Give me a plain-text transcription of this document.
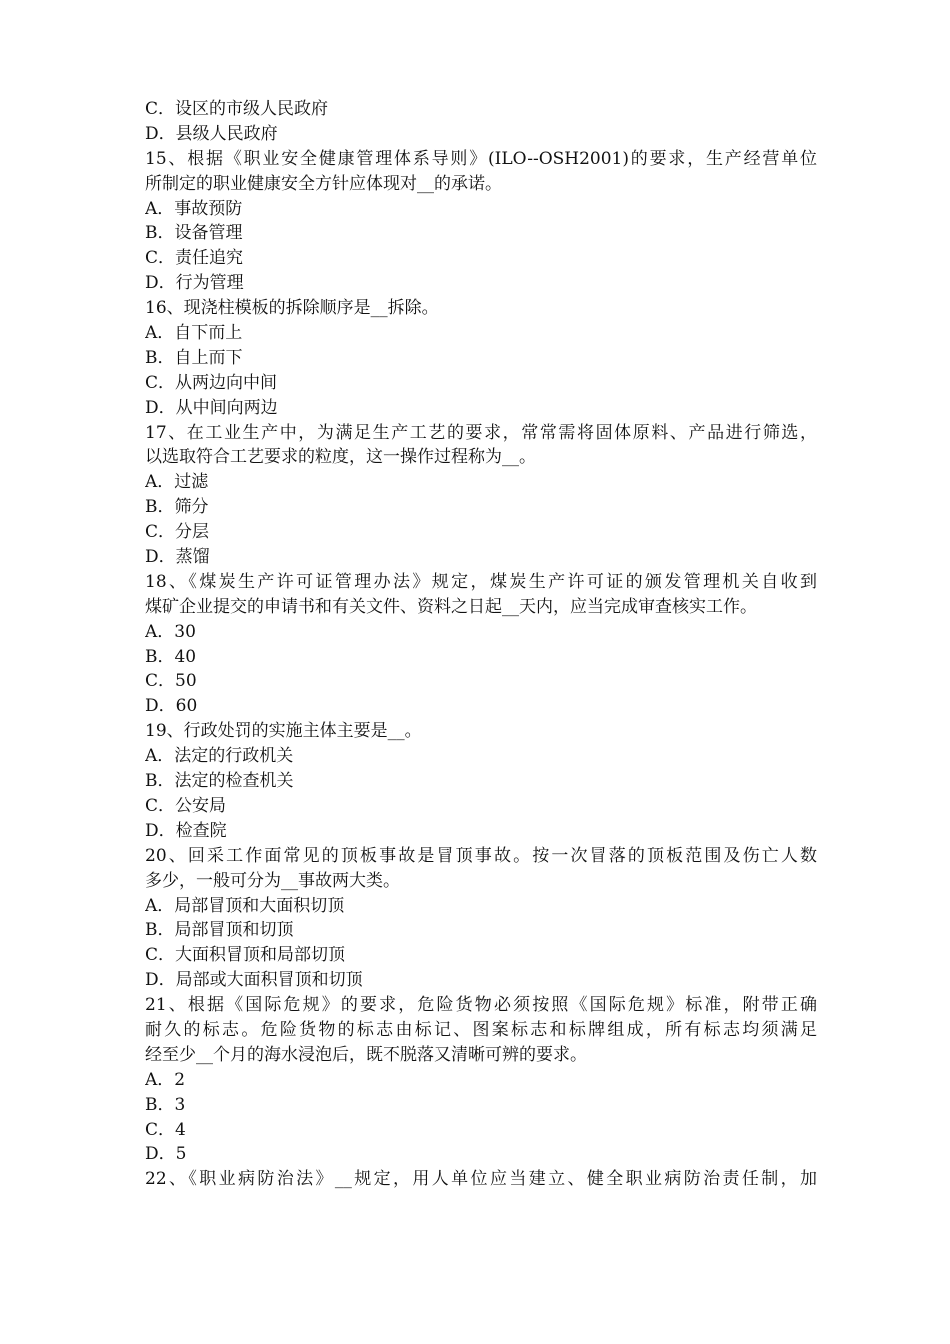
C．设区的市级人民政府
D．县级人民政府
15、根据《职业安全健康管理体系导则》(ILO--OSH2001)的要求，生产经营单位
所制定的职业健康安全方针应体现对__的承诺。
A．事故预防
B．设备管理
C．责任追究
D．行为管理
16、现浇柱模板的拆除顺序是__拆除。
A．自下而上
B．自上而下
C．从两边向中间
D．从中间向两边
17、在工业生产中，为满足生产工艺的要求，常常需将固体原料、产品进行筛选，
以选取符合工艺要求的粒度，这一操作过程称为__。
A．过滤
B．筛分
C．分层
D．蒸馏
18、《煤炭生产许可证管理办法》规定，煤炭生产许可证的颁发管理机关自收到
煤矿企业提交的申请书和有关文件、资料之日起__天内，应当完成审查核实工作。
A．30
B．40
C．50
D．60
19、行政处罚的实施主体主要是__。
A．法定的行政机关
B．法定的检查机关
C．公安局
D．检查院
20、回采工作面常见的顶板事故是冒顶事故。按一次冒落的顶板范围及伤亡人数
多少，一般可分为__事故两大类。
A．局部冒顶和大面积切顶
B．局部冒顶和切顶
C．大面积冒顶和局部切顶
D．局部或大面积冒顶和切顶
21、根据《国际危规》的要求，危险货物必须按照《国际危规》标准，附带正确
耐久的标志。危险货物的标志由标记、图案标志和标牌组成，所有标志均须满足
经至少__个月的海水浸泡后，既不脱落又清晰可辨的要求。
A．2
B．3
C．4
D．5
22、《职业病防治法》__规定，用人单位应当建立、健全职业病防治责任制，加
